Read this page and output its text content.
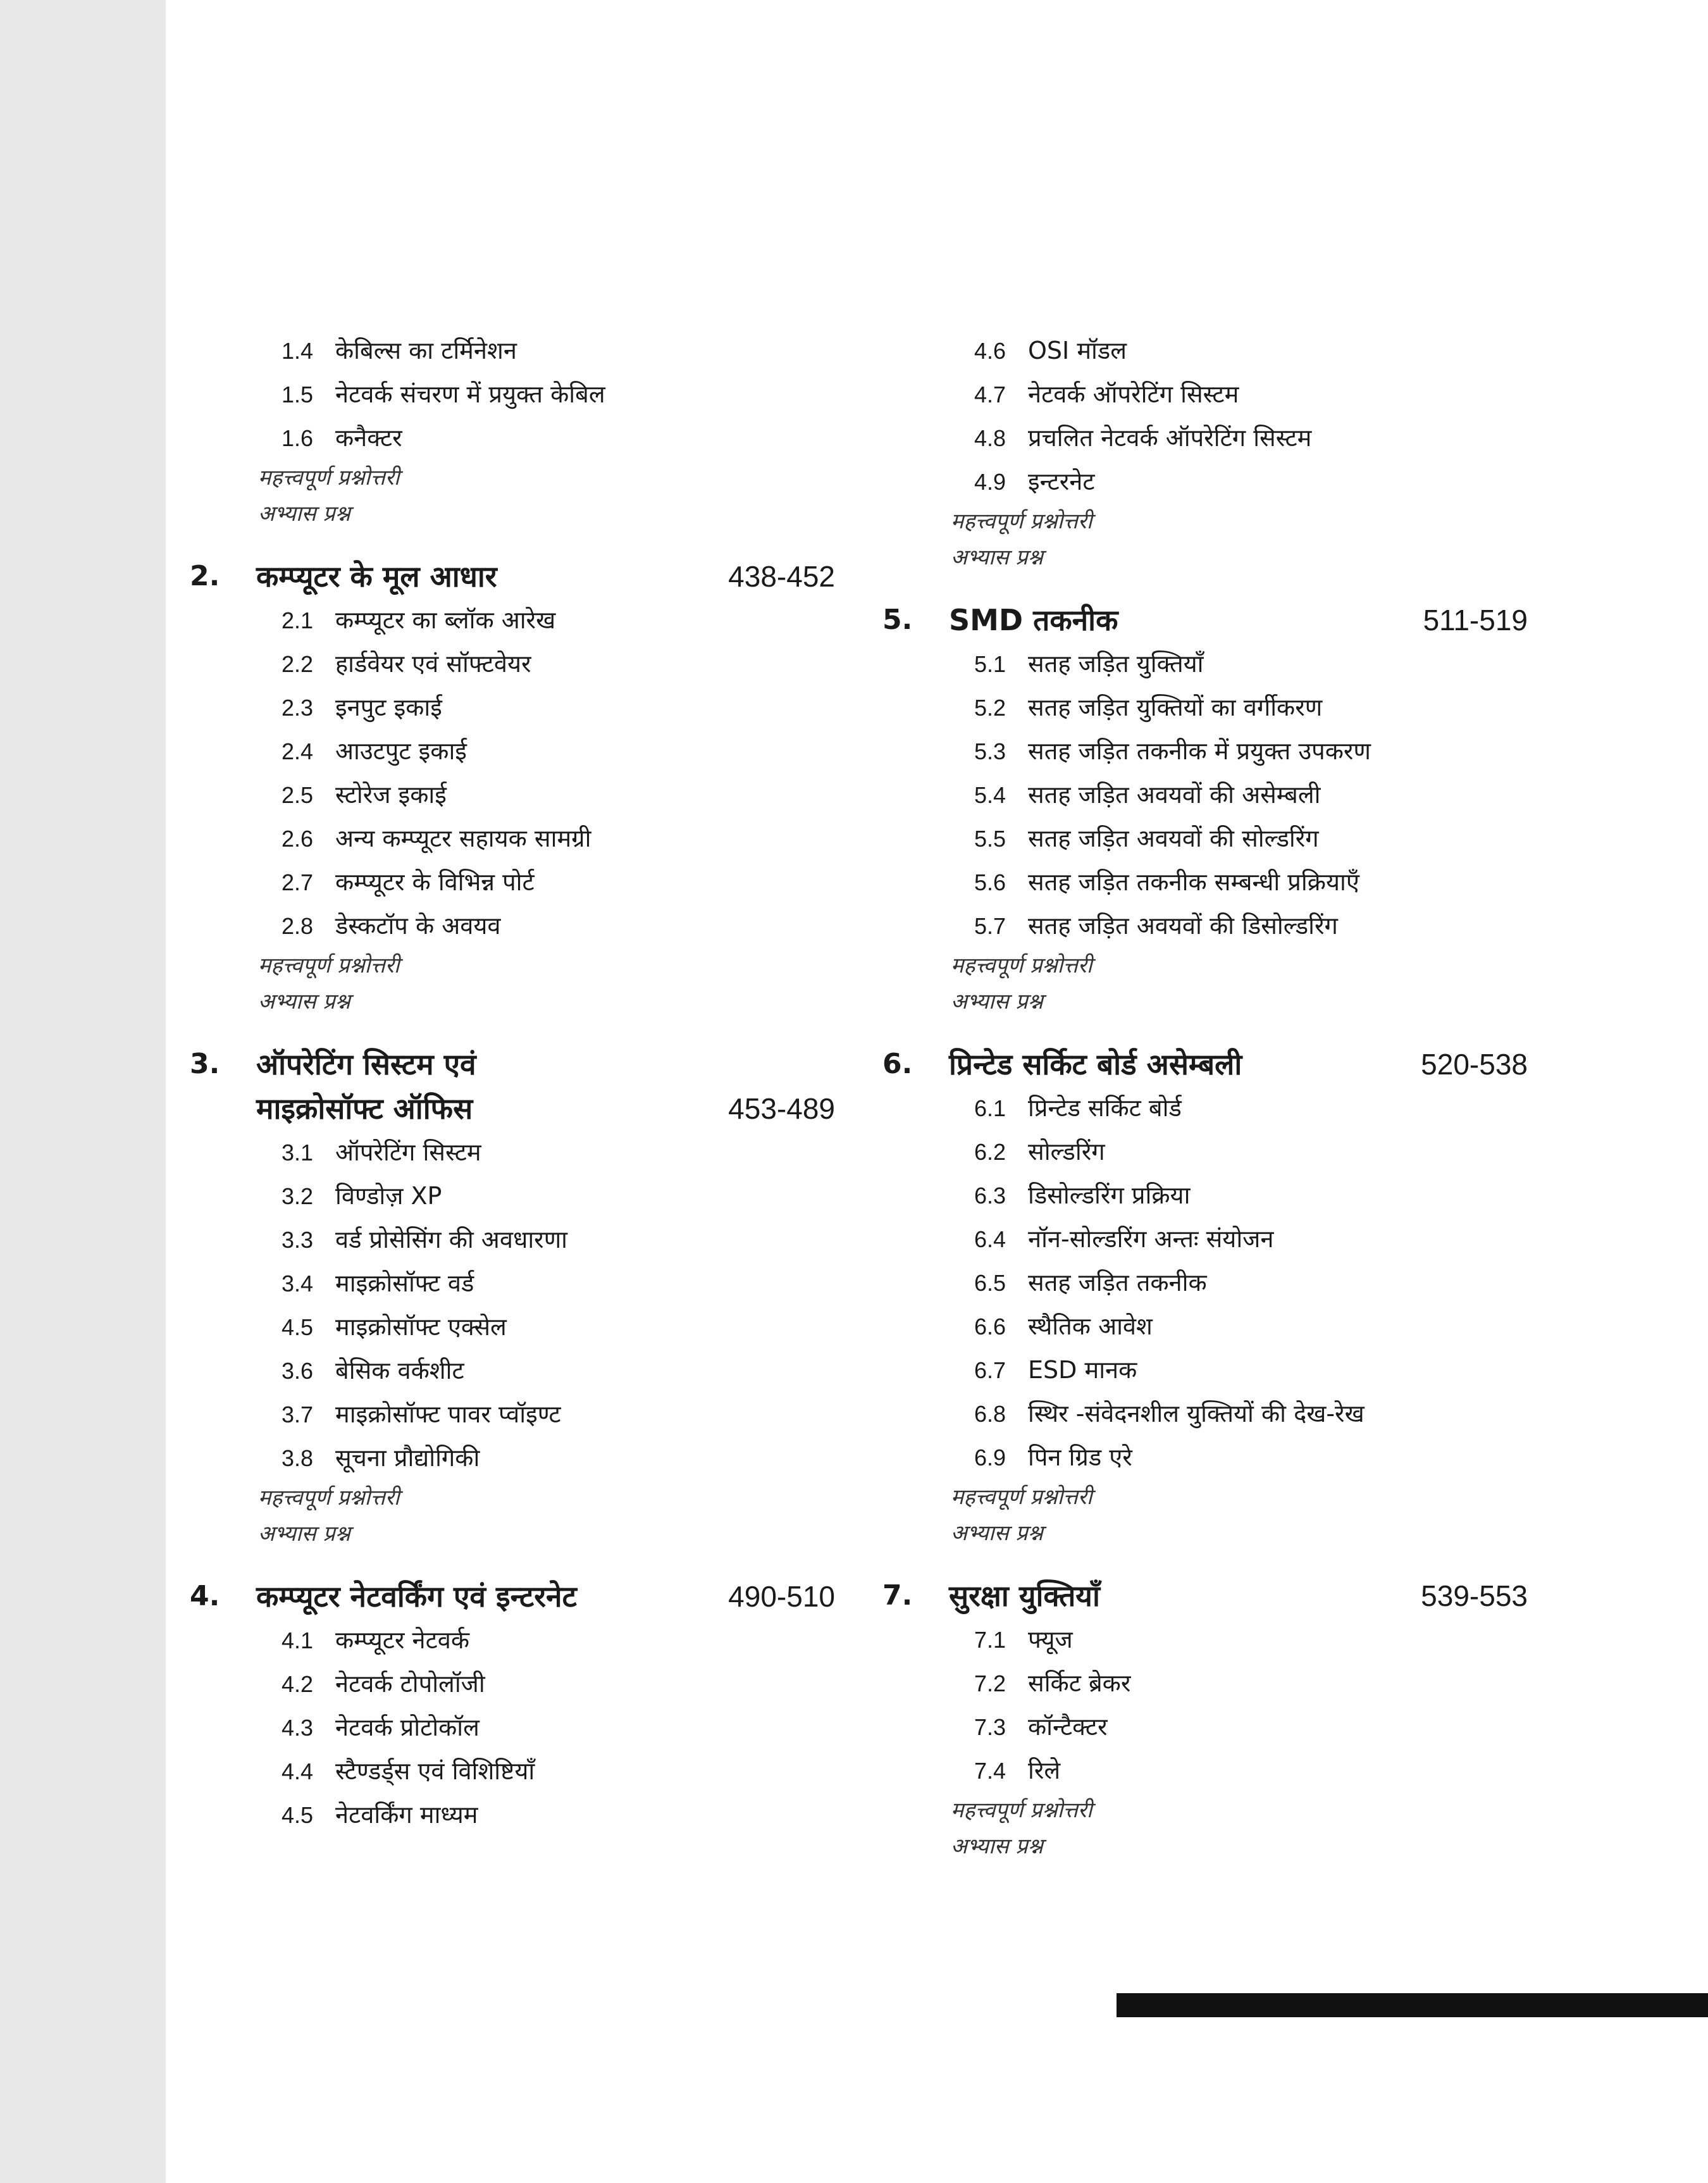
1.4 केबिल्स का टर्मिनेशन
1.5 नेटवर्क संचरण में प्रयुक्त केबिल
1.6 कनैक्टर
महत्त्वपूर्ण प्रश्नोत्तरी
अभ्यास प्रश्न
2. कम्प्यूटर के मूल आधार	438-452
2.1 कम्प्यूटर का ब्लॉक आरेख
2.2 हार्डवेयर एवं सॉफ्टवेयर
2.3 इनपुट इकाई
2.4 आउटपुट इकाई
2.5 स्टोरेज इकाई
2.6 अन्य कम्प्यूटर सहायक सामग्री
2.7 कम्प्यूटर के विभिन्न पोर्ट
2.8 डेस्कटॉप के अवयव
महत्त्वपूर्ण प्रश्नोत्तरी
अभ्यास प्रश्न
3. ऑपरेटिंग सिस्टम एवं
माइक्रोसॉफ्ट ऑफिस	453-489
3.1 ऑपरेटिंग सिस्टम
3.2 विण्डोज़ XP
3.3 वर्ड प्रोसेसिंग की अवधारणा
3.4 माइक्रोसॉफ्ट वर्ड
4.5 माइक्रोसॉफ्ट एक्सेल
3.6 बेसिक वर्कशीट
3.7 माइक्रोसॉफ्ट पावर प्वॉइण्ट
3.8 सूचना प्रौद्योगिकी
महत्त्वपूर्ण प्रश्नोत्तरी
अभ्यास प्रश्न
4. कम्प्यूटर नेटवर्किंग एवं इन्टरनेट	490-510
4.1 कम्प्यूटर नेटवर्क
4.2 नेटवर्क टोपोलॉजी
4.3 नेटवर्क प्रोटोकॉल
4.4 स्टैण्डर्ड्स एवं विशिष्टियाँ
4.5 नेटवर्किंग माध्यम
4.6 OSI मॉडल
4.7 नेटवर्क ऑपरेटिंग सिस्टम
4.8 प्रचलित नेटवर्क ऑपरेटिंग सिस्टम
4.9 इन्टरनेट
महत्त्वपूर्ण प्रश्नोत्तरी
अभ्यास प्रश्न
5. SMD तकनीक	511-519
5.1 सतह जड़ित युक्तियाँ
5.2 सतह जड़ित युक्तियों का वर्गीकरण
5.3 सतह जड़ित तकनीक में प्रयुक्त उपकरण
5.4 सतह जड़ित अवयवों की असेम्बली
5.5 सतह जड़ित अवयवों की सोल्डरिंग
5.6 सतह जड़ित तकनीक सम्बन्धी प्रक्रियाएँ
5.7 सतह जड़ित अवयवों की डिसोल्डरिंग
महत्त्वपूर्ण प्रश्नोत्तरी
अभ्यास प्रश्न
6. प्रिन्टेड सर्किट बोर्ड असेम्बली	520-538
6.1 प्रिन्टेड सर्किट बोर्ड
6.2 सोल्डरिंग
6.3 डिसोल्डरिंग प्रक्रिया
6.4 नॉन-सोल्डरिंग अन्तः संयोजन
6.5 सतह जड़ित तकनीक
6.6 स्थैतिक आवेश
6.7 ESD मानक
6.8 स्थिर -संवेदनशील युक्तियों की देख-रेख
6.9 पिन ग्रिड एरे
महत्त्वपूर्ण प्रश्नोत्तरी
अभ्यास प्रश्न
7. सुरक्षा युक्तियाँ	539-553
7.1 फ्यूज
7.2 सर्किट ब्रेकर
7.3 कॉन्टैक्टर
7.4 रिले
महत्त्वपूर्ण प्रश्नोत्तरी
अभ्यास प्रश्न
